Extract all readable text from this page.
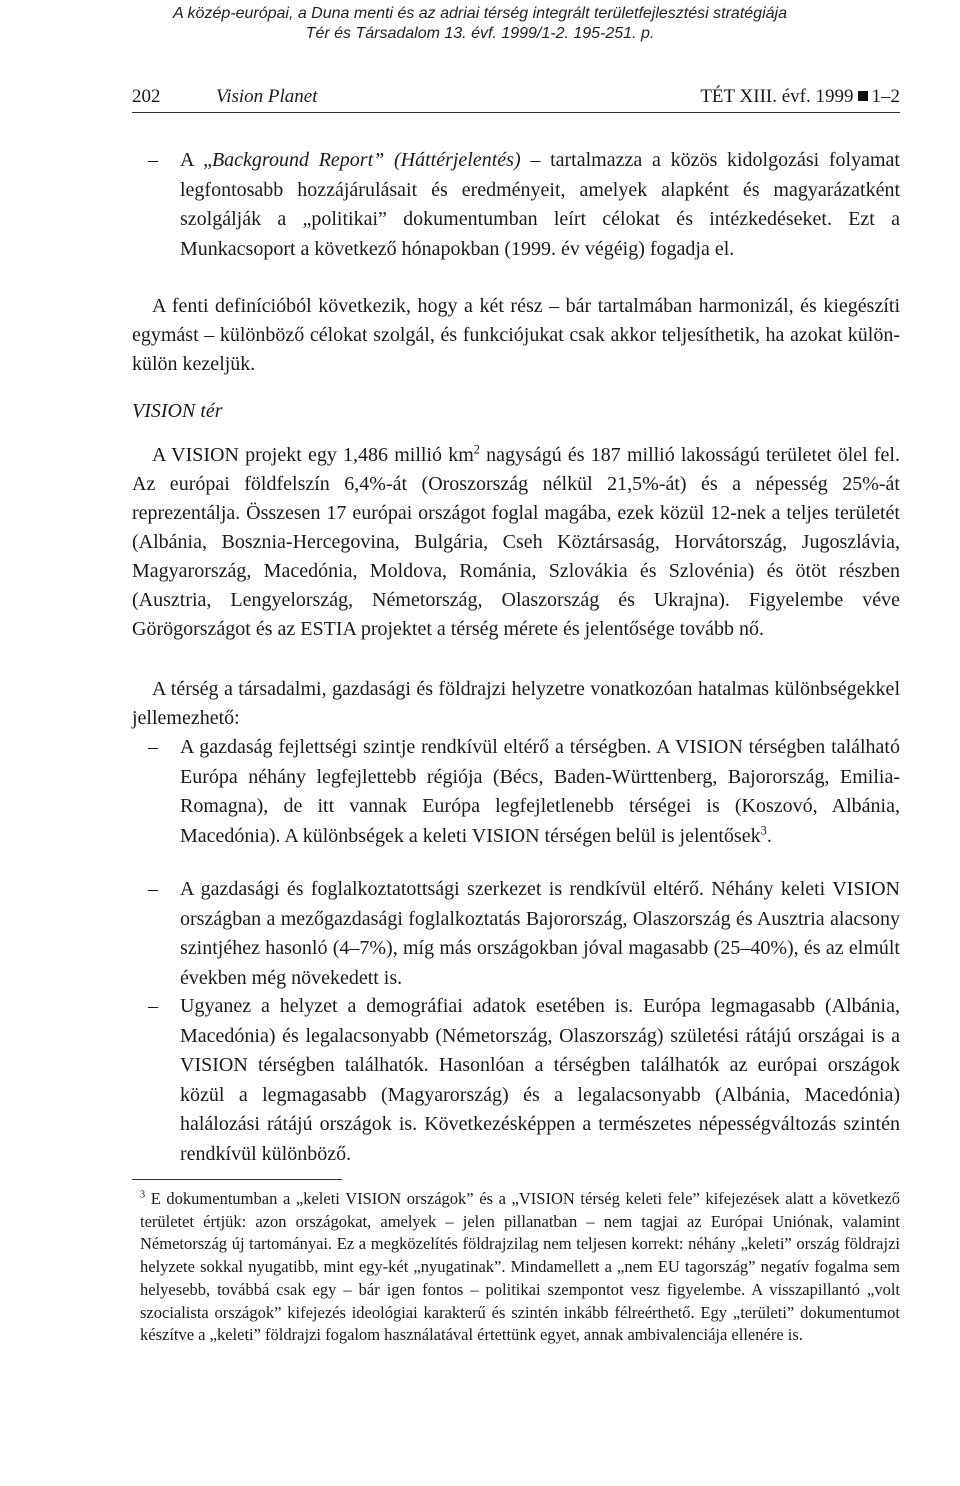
A közép-európai, a Duna menti és az adriai térség integrált területfejlesztési stratégiája
Tér és Társadalom 13. évf. 1999/1-2. 195-251. p.
202	Vision Planet	TÉT XIII. évf. 1999 1–2
– A „Background Report” (Háttérjelentés) – tartalmazza a közös kidolgozási folyamat legfontosabb hozzájárulásait és eredményeit, amelyek alapként és magyarázatként szolgálják a „politikai” dokumentumban leírt célokat és intézkedéseket. Ezt a Munkacsoport a következő hónapokban (1999. év végéig) fogadja el.
A fenti definícióból következik, hogy a két rész – bár tartalmában harmonizál, és kiegészíti egymást – különböző célokat szolgál, és funkciójukat csak akkor teljesíthetik, ha azokat külön-külön kezeljük.
VISION tér
A VISION projekt egy 1,486 millió $km^2$ nagyságú és 187 millió lakosságú területet ölel fel. Az európai földfelszín 6,4%-át (Oroszország nélkül 21,5%-át) és a népesség 25%-át reprezentálja. Összesen 17 európai országot foglal magába, ezek közül 12-nek a teljes területét (Albánia, Bosznia-Hercegovina, Bulgária, Cseh Köztársaság, Horvátország, Jugoszlávia, Magyarország, Macedónia, Moldova, Románia, Szlovákia és Szlovénia) és ötöt részben (Ausztria, Lengyelország, Németország, Olaszország és Ukrajna). Figyelembe véve Görögországot és az ESTIA projektet a térség mérete és jelentősége tovább nő.
A térség a társadalmi, gazdasági és földrajzi helyzetre vonatkozóan hatalmas különbségekkel jellemezhető:
– A gazdaság fejlettségi szintje rendkívül eltérő a térségben. A VISION térségben található Európa néhány legfejlettebb régiója (Bécs, Baden-Württenberg, Bajorország, Emilia-Romagna), de itt vannak Európa legfejletlenebb térségei is (Koszovó, Albánia, Macedónia). A különbségek a keleti VISION térségen belül is jelentősek$^3$.
– A gazdasági és foglalkoztatottsági szerkezet is rendkívül eltérő. Néhány keleti VISION országban a mezőgazdasági foglalkoztatás Bajorország, Olaszország és Ausztria alacsony szintjéhez hasonló (4–7%), míg más országokban jóval magasabb (25–40%), és az elmúlt években még növekedett is.
– Ugyanez a helyzet a demográfiai adatok esetében is. Európa legmagasabb (Albánia, Macedónia) és legalacsonyabb (Németország, Olaszország) születési rátájú országai is a VISION térségben találhatók. Hasonlóan a térségben találhatók az európai országok közül a legmagasabb (Magyarország) és a legalacsonyabb (Albánia, Macedónia) halálozási rátájú országok is. Következésképpen a természetes népességváltozás szintén rendkívül különböző.
$^3$ E dokumentumban a „keleti VISION országok” és a „VISION térség keleti fele” kifejezések alatt a következő területet értjük: azon országokat, amelyek – jelen pillanatban – nem tagjai az Európai Uniónak, valamint Németország új tartományai. Ez a megközelítés földrajzilag nem teljesen korrekt: néhány „keleti” ország földrajzi helyzete sokkal nyugatibb, mint egy-két „nyugatinak”. Mindamellett a „nem EU tagország” negatív fogalma sem helyesebb, továbbá csak egy – bár igen fontos – politikai szempontot vesz figyelembe. A visszapillantó „volt szocialista országok” kifejezés ideológiai karakterű és szintén inkább félreérthető. Egy „területi” dokumentumot készítve a „keleti” földrajzi fogalom használatával értettünk egyet, annak ambivalenciája ellenére is.
